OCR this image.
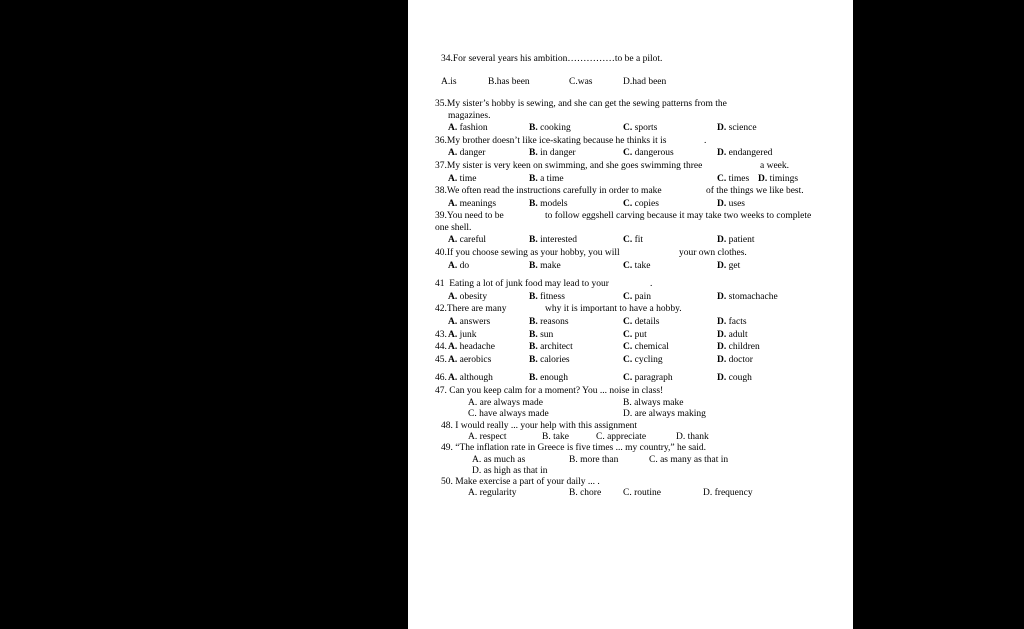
34.For several years his ambition……………to be a pilot.
A.is	B.has been	C.was	D.had been
35.My sister’s hobby is sewing, and she can get the sewing patterns from the
magazines.
A. fashion	B. cooking	C. sports	D. science
36.My brother doesn’t like ice-skating because he thinks it is	.
A. danger	B. in danger	C. dangerous	D. endangered
37.My sister is very keen on swimming, and she goes swimming three	a week.
A. time	B. a time	C. times D. timings
38.We often read the instructions carefully in order to make	of the things we like best.
A. meanings	B. models	C. copies	D. uses
39.You need to be	to follow eggshell carving because it may take two weeks to complete
one shell.
A. careful	B. interested	C. fit	D. patient
40.If you choose sewing as your hobby, you will	your own clothes.
A. do	B. make	C. take	D. get
41 Eating a lot of junk food may lead to your	.
A. obesity	B. fitness	C. pain	D. stomachache
42.There are many	why it is important to have a hobby.
A. answers	B. reasons	C. details	D. facts
43. A. junk	B. sun	C. put	D. adult
44. A. headache	B. architect	C. chemical	D. children
45. A. aerobics	B. calories	C. cycling	D. doctor
46. A. although	B. enough	C. paragraph	D. cough
47. Can you keep calm for a moment? You ... noise in class!
A. are always made	B. always make
C. have always made	D. are always making
48. I would really ... your help with this assignment
A. respect	B. take	C. appreciate	D. thank
49. “The inflation rate in Greece is five times ... my country,” he said.
A. as much as	B. more than	C. as many as that in
D. as high as that in
50. Make exercise a part of your daily ... .
A. regularity	B. chore C. routine	D. frequency
